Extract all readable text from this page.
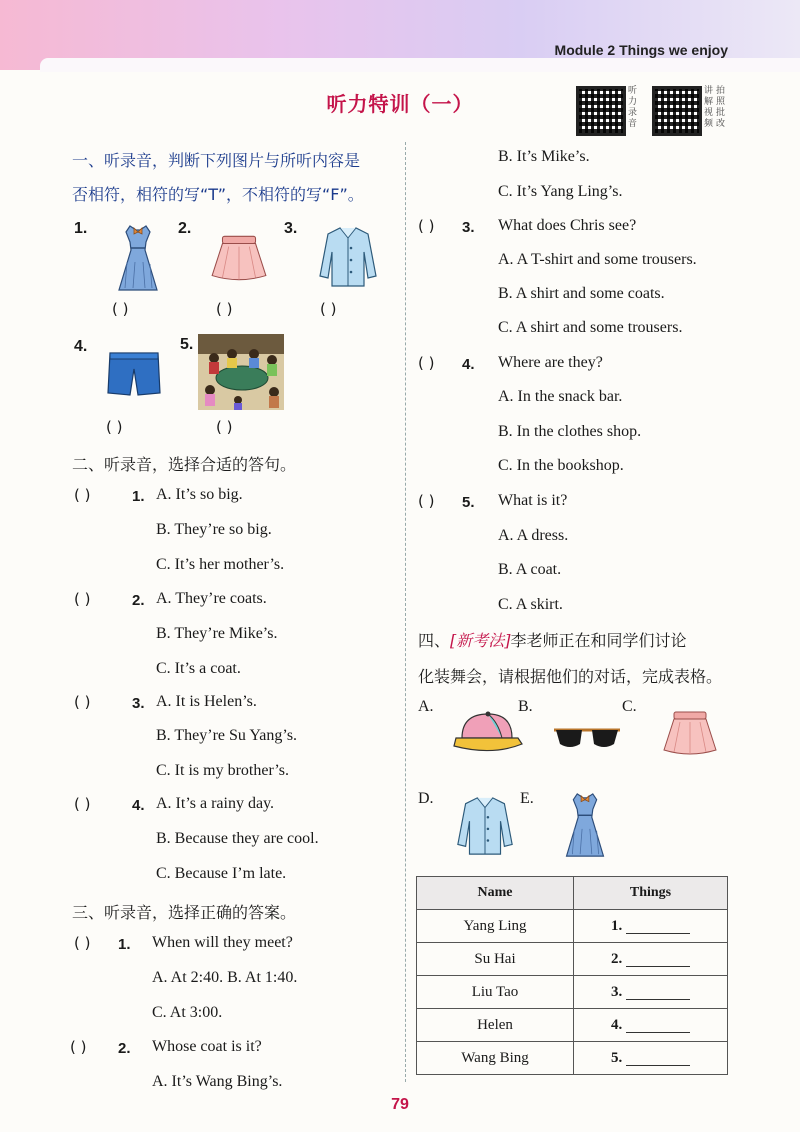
Module 2 Things we enjoy
听力特训（一）
听力录音
讲解视频
拍照批改
一、听录音，判断下列图片与所听内容是
否相符，相符的写“T”，不相符的写“F”。
1.
( )
2.
( )
3.
( )
4.
( )
5.
( )
二、听录音，选择合适的答句。
( )	1. A. It’s so big.
B. They’re so big.
C. It’s her mother’s.
( )	2. A. They’re coats.
B. They’re Mike’s.
C. It’s a coat.
( )	3. A. It is Helen’s.
B. They’re Su Yang’s.
C. It is my brother’s.
( )	4. A. It’s a rainy day.
B. Because they are cool.
C. Because I’m late.
三、听录音，选择正确的答案。
( ) 1. When will they meet?
A. At 2:40. B. At 1:40.
C. At 3:00.
( ) 2. Whose coat is it?
A. It’s Wang Bing’s.
B. It’s Mike’s.
C. It’s Yang Ling’s.
( ) 3. What does Chris see?
A. A T-shirt and some trousers.
B. A shirt and some coats.
C. A shirt and some trousers.
( ) 4. Where are they?
A. In the snack bar.
B. In the clothes shop.
C. In the bookshop.
( ) 5. What is it?
A. A dress.
B. A coat.
C. A skirt.
四、[新考法]李老师正在和同学们讨论
化装舞会，请根据他们的对话，完成表格。
A.	B.	C.
D.	E.
Name	Things
Yang Ling	1.
Su Hai	2.
Liu Tao	3.
Helen	4.
Wang Bing	5.
79
